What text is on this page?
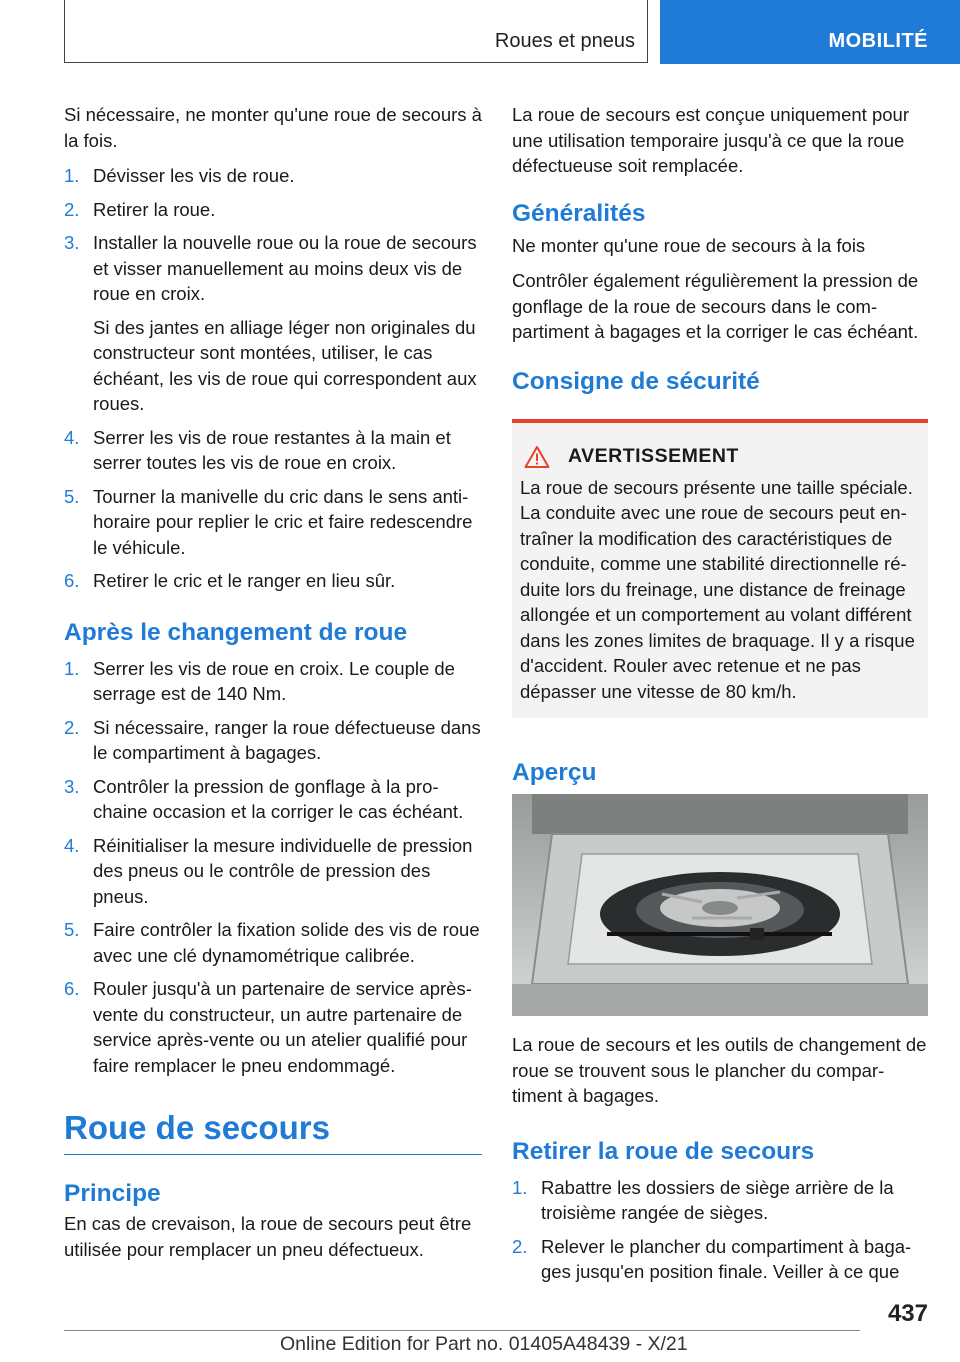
Roues et pneus	MOBILITÉ

Si nécessaire, ne monter qu'une roue de secours à la fois.

1. Dévisser les vis de roue.
2. Retirer la roue.
3. Installer la nouvelle roue ou la roue de secours et visser manuellement au moins deux vis de roue en croix.
Si des jantes en alliage léger non originales du constructeur sont montées, utiliser, le cas échéant, les vis de roue qui correspondent aux roues.
4. Serrer les vis de roue restantes à la main et serrer toutes les vis de roue en croix.
5. Tourner la manivelle du cric dans le sens antihoraire pour replier le cric et faire redescendre le véhicule.
6. Retirer le cric et le ranger en lieu sûr.
Après le changement de roue
1. Serrer les vis de roue en croix. Le couple de serrage est de 140 Nm.
2. Si nécessaire, ranger la roue défectueuse dans le compartiment à bagages.
3. Contrôler la pression de gonflage à la prochaine occasion et la corriger le cas échéant.
4. Réinitialiser la mesure individuelle de pression des pneus ou le contrôle de pression des pneus.
5. Faire contrôler la fixation solide des vis de roue avec une clé dynamométrique calibrée.
6. Rouler jusqu'à un partenaire de service après-vente du constructeur, un autre partenaire de service après-vente ou un atelier qualifié pour faire remplacer le pneu endommagé.
Roue de secours
Principe

En cas de crevaison, la roue de secours peut être utilisée pour remplacer un pneu défectueux.

La roue de secours est conçue uniquement pour une utilisation temporaire jusqu'à ce que la roue défectueuse soit remplacée.

Généralités

Ne monter qu'une roue de secours à la fois

Contrôler également régulièrement la pression de gonflage de la roue de secours dans le compartiment à bagages et la corriger le cas échéant.

Consigne de sécurité
AVERTISSEMENT

La roue de secours présente une taille spéciale. La conduite avec une roue de secours peut entraîner la modification des caractéristiques de conduite, comme une stabilité directionnelle réduite lors du freinage, une distance de freinage allongée et un comportement au volant différent dans les zones limites de braquage. Il y a risque d'accident. Rouler avec retenue et ne pas dépasser une vitesse de 80 km/h.

Aperçu

La roue de secours et les outils de changement de roue se trouvent sous le plancher du compartiment à bagages.

Retirer la roue de secours
1. Rabattre les dossiers de siège arrière de la troisième rangée de sièges.
2. Relever le plancher du compartiment à bagages jusqu'en position finale. Veiller à ce que
437
Online Edition for Part no. 01405A48439 - X/21
